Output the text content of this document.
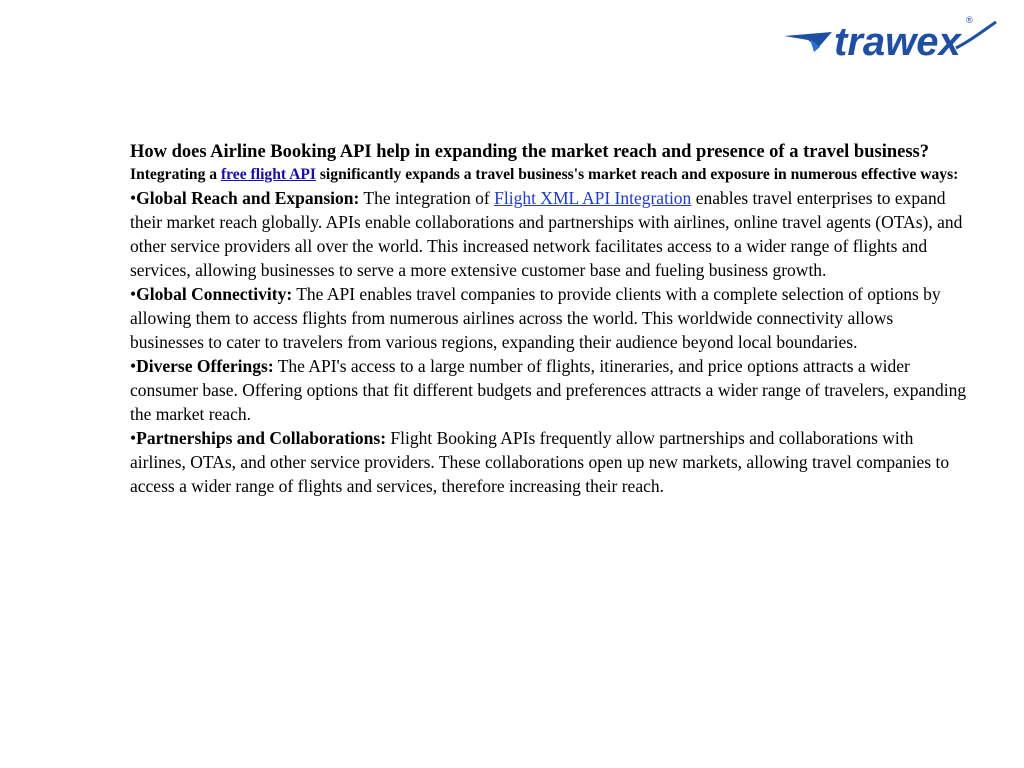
trawex ®

How does Airline Booking API help in expanding the market reach and presence of a travel business?

Integrating a free flight API significantly expands a travel business's market reach and exposure in numerous effective ways:

•Global Reach and Expansion: The integration of Flight XML API Integration enables travel enterprises to expand their market reach globally. APIs enable collaborations and partnerships with airlines, online travel agents (OTAs), and other service providers all over the world. This increased network facilitates access to a wider range of flights and services, allowing businesses to serve a more extensive customer base and fueling business growth.

•Global Connectivity: The API enables travel companies to provide clients with a complete selection of options by allowing them to access flights from numerous airlines across the world. This worldwide connectivity allows businesses to cater to travelers from various regions, expanding their audience beyond local boundaries.

•Diverse Offerings: The API's access to a large number of flights, itineraries, and price options attracts a wider consumer base. Offering options that fit different budgets and preferences attracts a wider range of travelers, expanding the market reach.

•Partnerships and Collaborations: Flight Booking APIs frequently allow partnerships and collaborations with airlines, OTAs, and other service providers. These collaborations open up new markets, allowing travel companies to access a wider range of flights and services, therefore increasing their reach.
